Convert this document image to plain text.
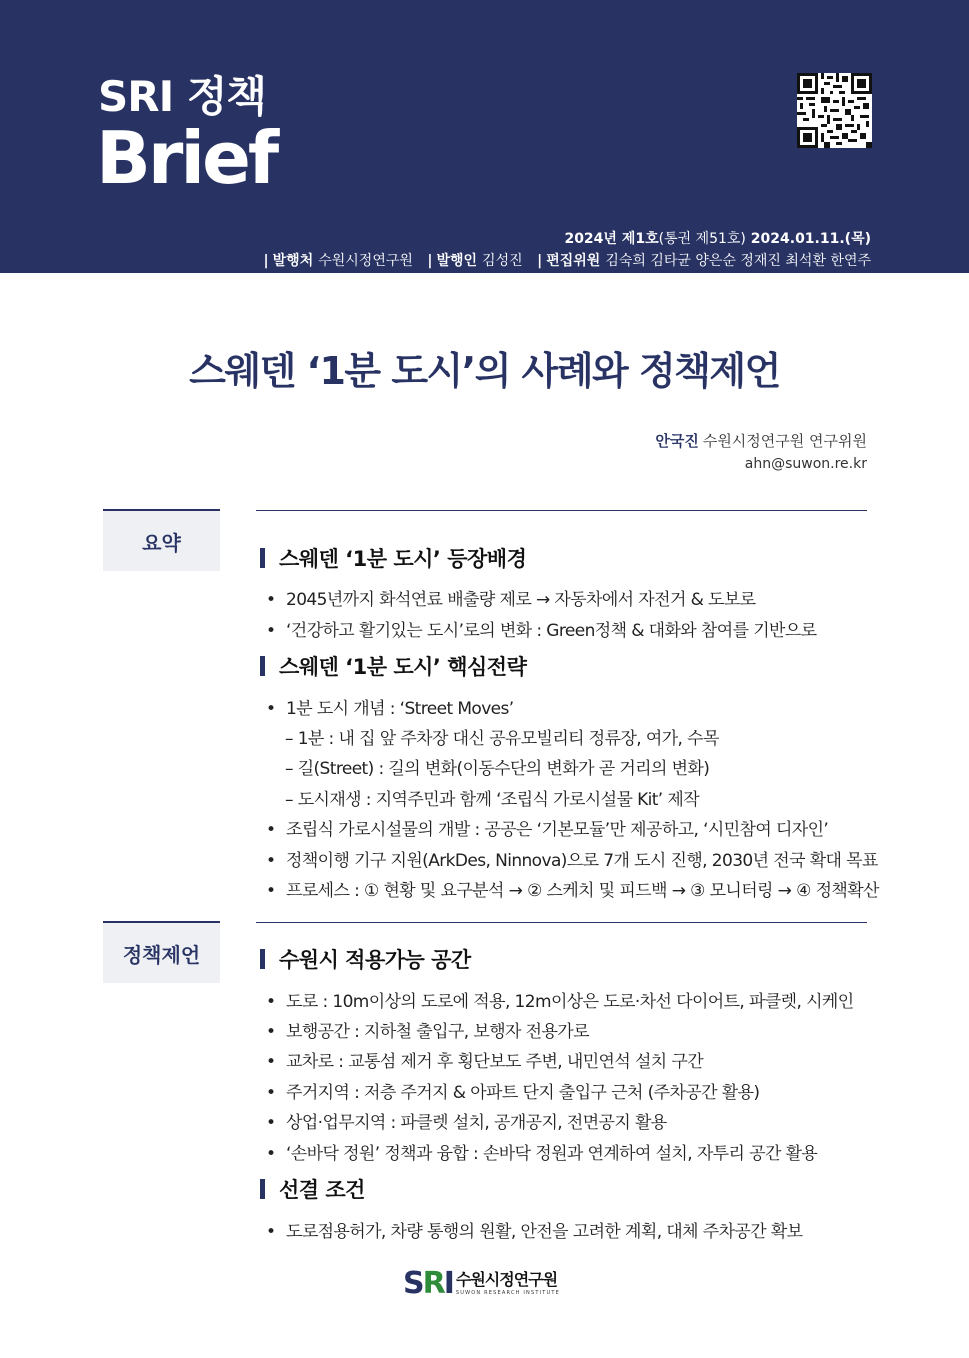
SRI 정책
Brief
2024년 제1호(통권 제51호) 2024.01.11.(목)
| 발행처 수원시정연구원 | 발행인 김성진 | 편집위원 김숙희 김타균 양은순 정재진 최석환 한연주
스웨덴 ‘1분 도시’의 사례와 정책제언
안국진 수원시정연구원 연구위원
ahn@suwon.re.kr
요약
스웨덴 ‘1분 도시’ 등장배경
• 2045년까지 화석연료 배출량 제로 → 자동차에서 자전거 & 도보로
• ‘건강하고 활기있는 도시’로의 변화 : Green정책 & 대화와 참여를 기반으로
스웨덴 ‘1분 도시’ 핵심전략
• 1분 도시 개념 : ‘Street Moves’
– 1분 : 내 집 앞 주차장 대신 공유모빌리티 정류장, 여가, 수목
– 길(Street) : 길의 변화(이동수단의 변화가 곧 거리의 변화)
– 도시재생 : 지역주민과 함께 ‘조립식 가로시설물 Kit’ 제작
• 조립식 가로시설물의 개발 : 공공은 ‘기본모듈’만 제공하고, ‘시민참여 디자인’
• 정책이행 기구 지원(ArkDes, Ninnova)으로 7개 도시 진행, 2030년 전국 확대 목표
• 프로세스 : ① 현황 및 요구분석 → ② 스케치 및 피드백 → ③ 모니터링 → ④ 정책확산
정책제언	수원시 적용가능 공간
• 도로 : 10m이상의 도로에 적용, 12m이상은 도로·차선 다이어트, 파클렛, 시케인
• 보행공간 : 지하철 출입구, 보행자 전용가로
• 교차로 : 교통섬 제거 후 횡단보도 주변, 내민연석 설치 구간
• 주거지역 : 저층 주거지 & 아파트 단지 출입구 근처 (주차공간 활용)
• 상업·업무지역 : 파클렛 설치, 공개공지, 전면공지 활용
• ‘손바닥 정원’ 정책과 융합 : 손바닥 정원과 연계하여 설치, 자투리 공간 활용
선결 조건
• 도로점용허가, 차량 통행의 원활, 안전을 고려한 계획, 대체 주차공간 확보
SRI 수원시정연구원
SUWON RESEARCH INSTITUTE
